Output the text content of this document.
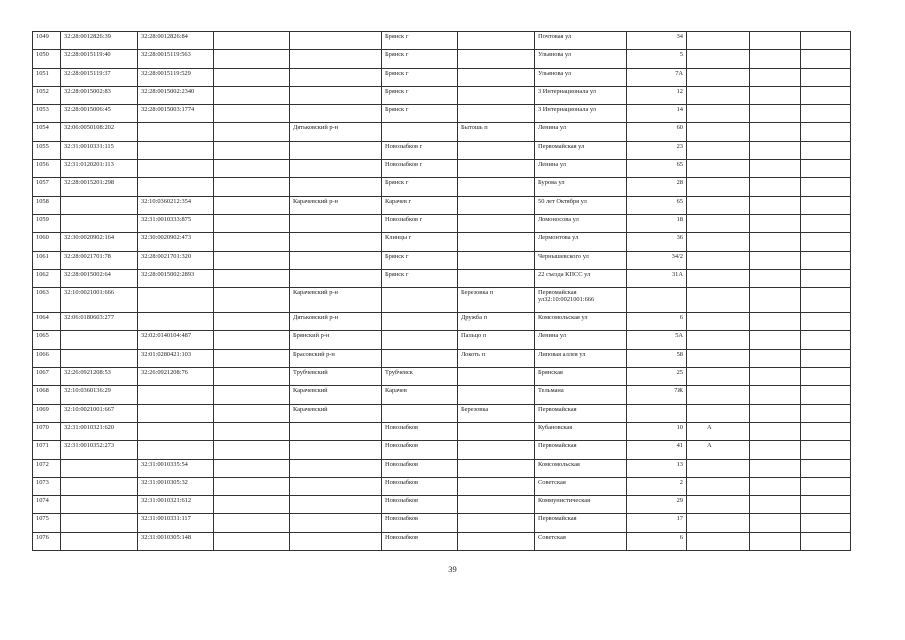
1049	32:28:0012826:39	32:28:0012826:84			Брянск г		Почтовая ул	34			
1050	32:28:0015119:40	32:28:0015119:563			Брянск г		Ульянова ул	5			
1051	32:28:0015119:37	32:28:0015119:529			Брянск г		Ульянова ул	7А			
1052	32:28:0015002:83	32:28:0015002:2340			Брянск г		3 Интернационала ул	12			
1053	32:28:0015006:45	32:28:0015003:1774			Брянск г		3 Интернационала ул	14			
1054	32:06:0050108:202			Дятьковский р-н		Бытошь п	Ленина ул	60			
1055	32:31:0010331:115				Новозыбков г		Первомайская ул	23			
1056	32:31:0120201:113				Новозыбков г		Ленина ул	65			
1057	32:28:0015201:298				Брянск г		Бурова ул	28			
1058		32:10:0360212:354		Карачевский р-н	Карачев г		50 лет Октября ул	65			
1059		32:31:0010333:875			Новозыбков г		Ломоносова ул	18			
1060	32:30:0020902:164	32:30:0020902:473			Клинцы г		Лермонтова ул	36			
1061	32:28:0021701:78	32:28:0021701:320			Брянск г		Чернышевского ул	34/2			
1062	32:28:0015002:64	32:28:0015002:2893			Брянск г		22 съезда КПСС ул	31А			
1063	32:10:0021001:666			Карачевский р-н		Березовка п	Первомайская ул32:10:0021001:666				
1064	32:06:0180603:277			Дятьковский р-н		Дружба п	Комсомольская ул	6			
1065		32:02:0140104:487		Брянский р-н		Пальцо п	Ленина ул	5А			
1066		32:01:0280421:103		Брасовский р-н		Локоть п	Липовая аллея ул	58			
1067	32:26:0921208:53	32:26:0921208:76		Трубчевский	Трубчевск		Брянская	25			
1068	32:10:0360136:29			Карачевский	Карачев		Тельмана	7Ж			
1069	32:10:0021001:667			Карачевский		Березовка	Первомайская				
1070	32:31:0010321:620				Новозыбков		Кубановская	10	А		
1071	32:31:0010352:273				Новозыбков		Первомайская	41	А		
1072		32:31:0010335:54			Новозыбков		Комсомольская	13			
1073		32:31:0010305:32			Новозыбков		Советская	2			
1074		32:31:0010321:612			Новозыбков		Коммунистическая	29			
1075		32:31:0010331:117			Новозыбков		Первомайская	17			
1076		32:31:0010305:148			Новозыбков		Советская	6			
39
